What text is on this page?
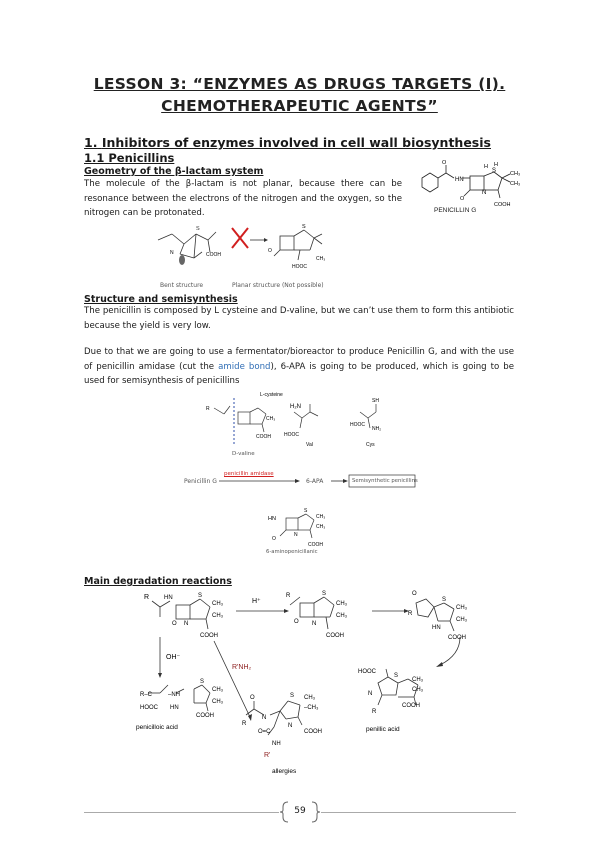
LESSON 3: “ENZYMES AS DRUGS TARGETS (I).
CHEMOTHERAPEUTIC AGENTS”
1. Inhibitors of enzymes involved in cell wall biosynthesis
1.1 Penicillins
Geometry of the β-lactam system
The molecule of the β-lactam is not planar, because there can be resonance between the electrons of the nitrogen and the oxygen, so the nitrogen can be protonated.
HN
S
N
CH₃
CH₃
COOH
O
O
H H
PENICILLIN G
S
COOH
N
S
HOOC
CH₃
O
Bent structure	Planar structure (Not possible)
Structure and semisynthesis
The penicillin is composed by L cysteine and D-valine, but we can’t use them to form this antibiotic because the yield is very low.
Due to that we are going to use a fermentator/bioreactor to produce Penicillin G, and with the use of penicillin amidase (cut the amide bond), 6-APA is going to be produced, which is going to be used for semisynthesis of penicillins
L-cysteine
R
CH₃
COOH
H₂N
HOOC
Val
SH
HOOC
NH₂
Cys
D-valine
Penicillin G
penicillin amidase
6-APA	Semisynthetic penicillins
HN
S
CH₃
CH₃
N
COOH
O
6-aminopenicillanic
Main degradation reactions
R HN	S
CH₃
CH₃
N
COOH
O
H⁺
R	S
CH₃
CH₃
N
COOH
O
O
R
S
CH₃
CH₃
HN
COOH
OH⁻
R'NH₂
R–C	–NH
S
CH₃
CH₃
HOOC HN
COOH
penicilloic acid	R
O
N
CH₃
–CH₃
S
N
COOH
O=C
NH
R'
allergies
HOOC
S
CH₃
CH₃
N
COOH
R
penillic acid
59
